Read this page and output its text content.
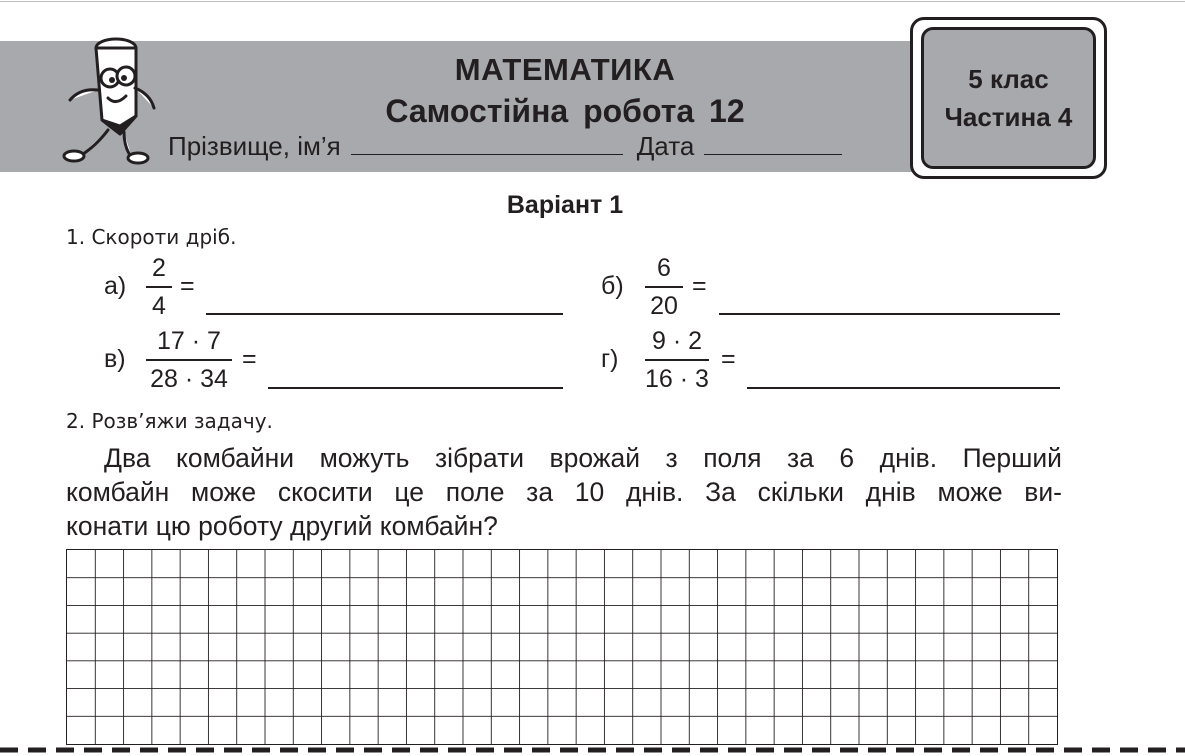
МАТЕМАТИКА
Самостійна робота 12
Прізвище, ім’я	Дата
5 клас
Частина 4
Варіант 1
1. Скороти дріб.
а)
2
4
=	б)
6
20
=
в)
17 · 7
28 · 34
=	г)
9 · 2
16 · 3
=
2. Розв’яжи задачу.
Два комбайни можуть зібрати врожай з поля за 6 днів. Перший
комбайн може скосити це поле за 10 днів. За скільки днів може ви-
конати цю роботу другий комбайн?
